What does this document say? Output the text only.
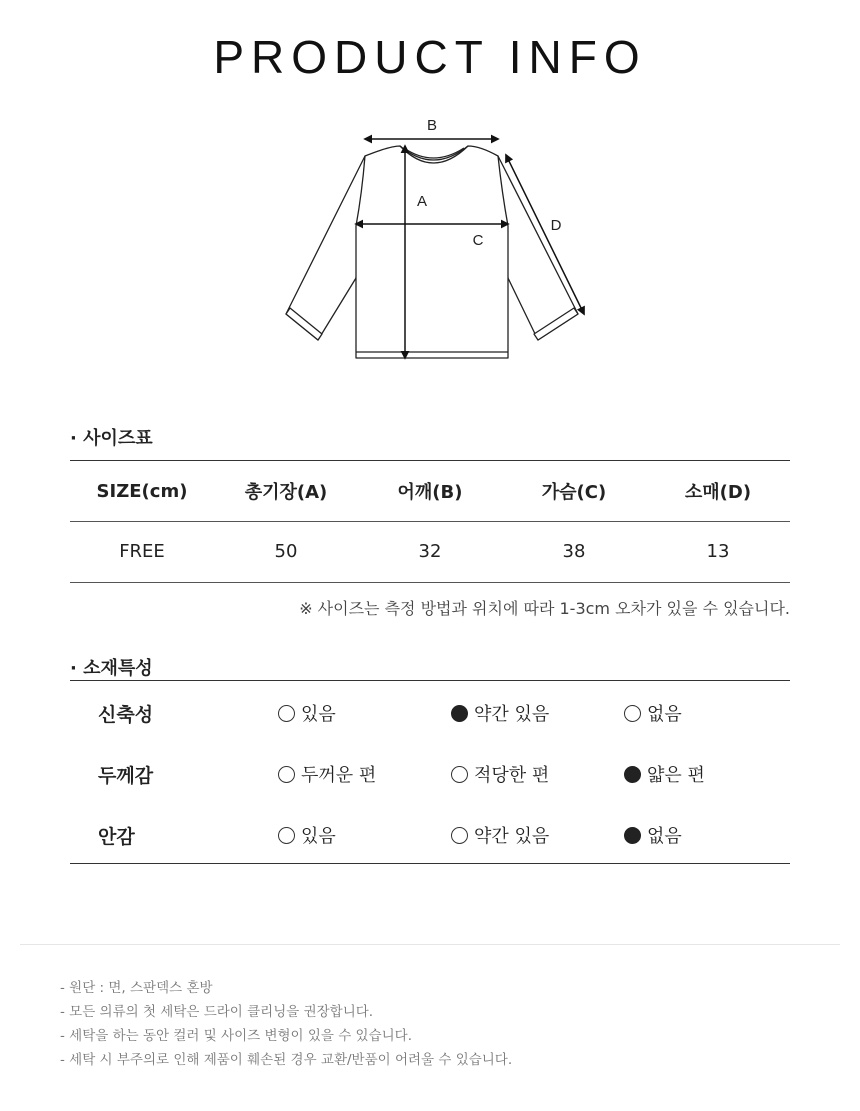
PRODUCT INFO
B
A
C
D
· 사이즈표
SIZE(cm)	총기장(A)	어깨(B)	가슴(C)	소매(D)
FREE	50	32	38	13
※ 사이즈는 측정 방법과 위치에 따라 1-3cm 오차가 있을 수 있습니다.
· 소재특성
신축성	있음	약간 있음	없음
두께감	두꺼운 편	적당한 편	얇은 편
안감	있음	약간 있음	없음
- 원단 : 면, 스판덱스 혼방
- 모든 의류의 첫 세탁은 드라이 클리닝을 권장합니다.
- 세탁을 하는 동안 컬러 및 사이즈 변형이 있을 수 있습니다.
- 세탁 시 부주의로 인해 제품이 훼손된 경우 교환/반품이 어려울 수 있습니다.
